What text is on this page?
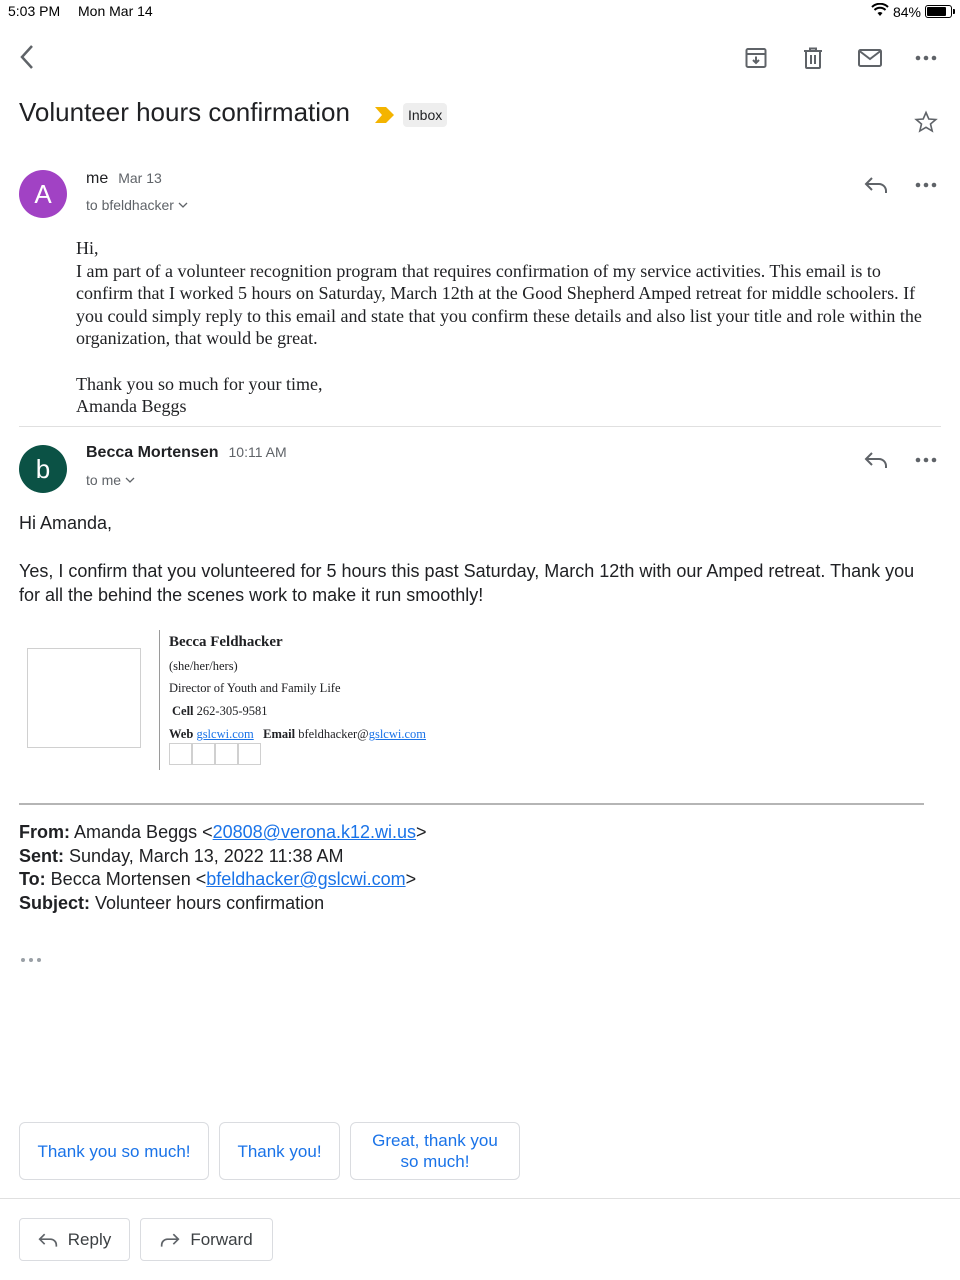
5:03 PM Mon Mar 14	84%
Volunteer hours confirmation	Inbox
A me Mar 13
to bfeldhacker
Hi,
I am part of a volunteer recognition program that requires confirmation of my service activities. This email is to confirm that I worked 5 hours on Saturday, March 12th at the Good Shepherd Amped retreat for middle schoolers. If you could simply reply to this email and state that you confirm these details and also list your title and role within the organization, that would be great.
Thank you so much for your time,
Amanda Beggs
b
Becca Mortensen 10:11 AM
to me
Hi Amanda,
Yes, I confirm that you volunteered for 5 hours this past Saturday, March 12th with our Amped retreat. Thank you for all the behind the scenes work to make it run smoothly!
Becca Feldhacker
(she/her/hers)
Director of Youth and Family Life
Cell 262-305-9581
Web gslcwi.com Email bfeldhacker@gslcwi.com
From: Amanda Beggs <20808@verona.k12.wi.us>
Sent: Sunday, March 13, 2022 11:38 AM
To: Becca Mortensen <bfeldhacker@gslcwi.com>
Subject: Volunteer hours confirmation
Thank you so much!	Thank you!
Great, thank you so much!
Reply	Forward
